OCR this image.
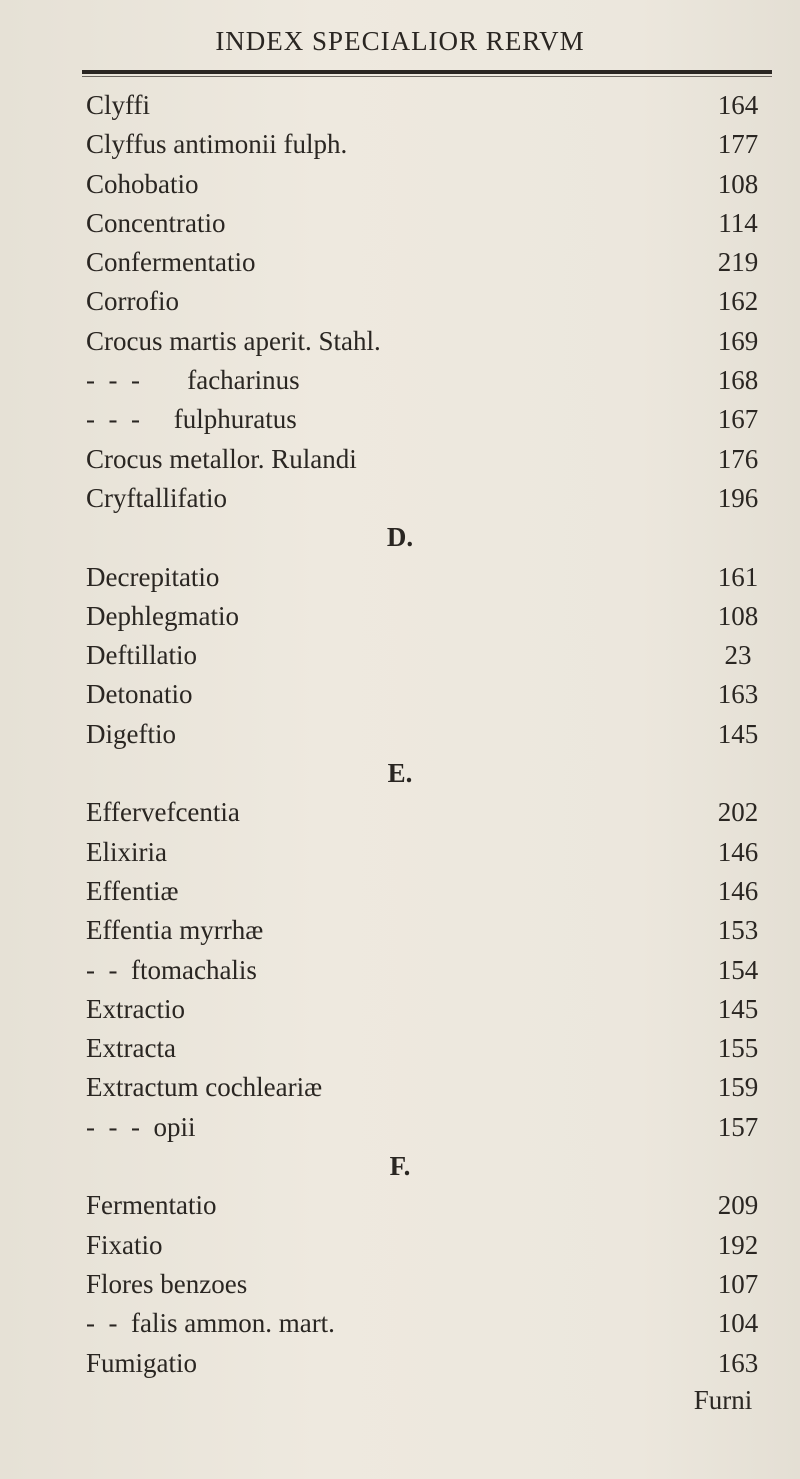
INDEX SPECIALIOR RERVM
Clyffi	164
Clyffus antimonii fulph.	177
Cohobatio	108
Concentratio	114
Confermentatio	219
Corrofio	162
Crocus martis aperit. Stahl.	169
-  -  -       facharinus	168
-  -  -     fulphuratus	167
Crocus metallor. Rulandi	176
Cryftallifatio	196
D.
Decrepitatio	161
Dephlegmatio	108
Deftillatio	23
Detonatio	163
Digeftio	145
E.
Effervefcentia	202
Elixiria	146
Effentiæ	146
Effentia myrrhæ	153
-  -  ftomachalis	154
Extractio	145
Extracta	155
Extractum cochleariæ	159
-  -  -  opii	157
F.
Fermentatio	209
Fixatio	192
Flores benzoes	107
-  -  falis ammon. mart.	104
Fumigatio	163
Furni
